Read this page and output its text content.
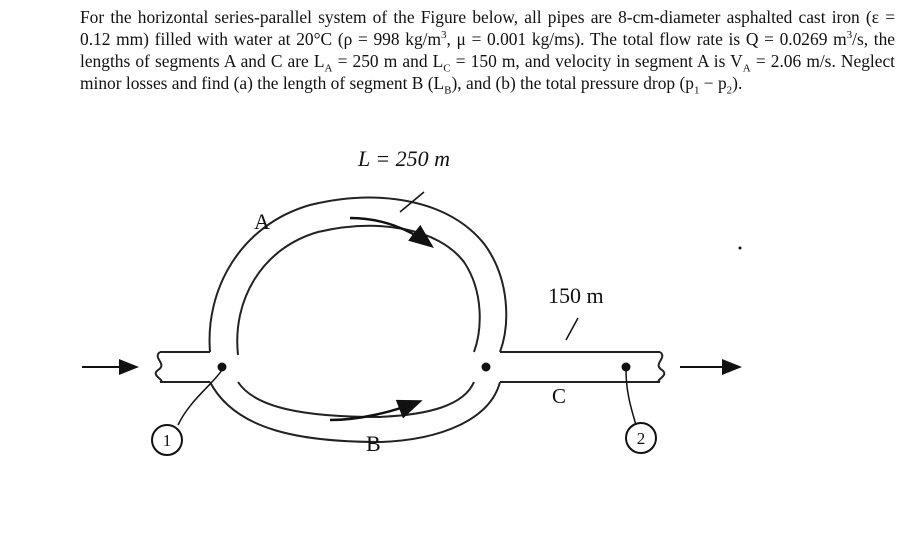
For the horizontal series-parallel system of the Figure below, all pipes are 8-cm-diameter asphalted cast iron (ε = 0.12 mm) filled with water at 20°C (ρ = 998 $kg/m^3$, μ = 0.001 kg/ms). The total flow rate is Q = 0.0269 $m^3/s$, the lengths of segments A and C are $L_A = 250$ m and $L_C = 150$ m, and velocity in segment A is $V_A = 2.06$ m/s. Neglect minor losses and find (a) the length of segment B $(L_B)$, and (b) the total pressure drop $(p_1 - p_2)$.

L = 250 m
A
B
C
150 m
1	2
